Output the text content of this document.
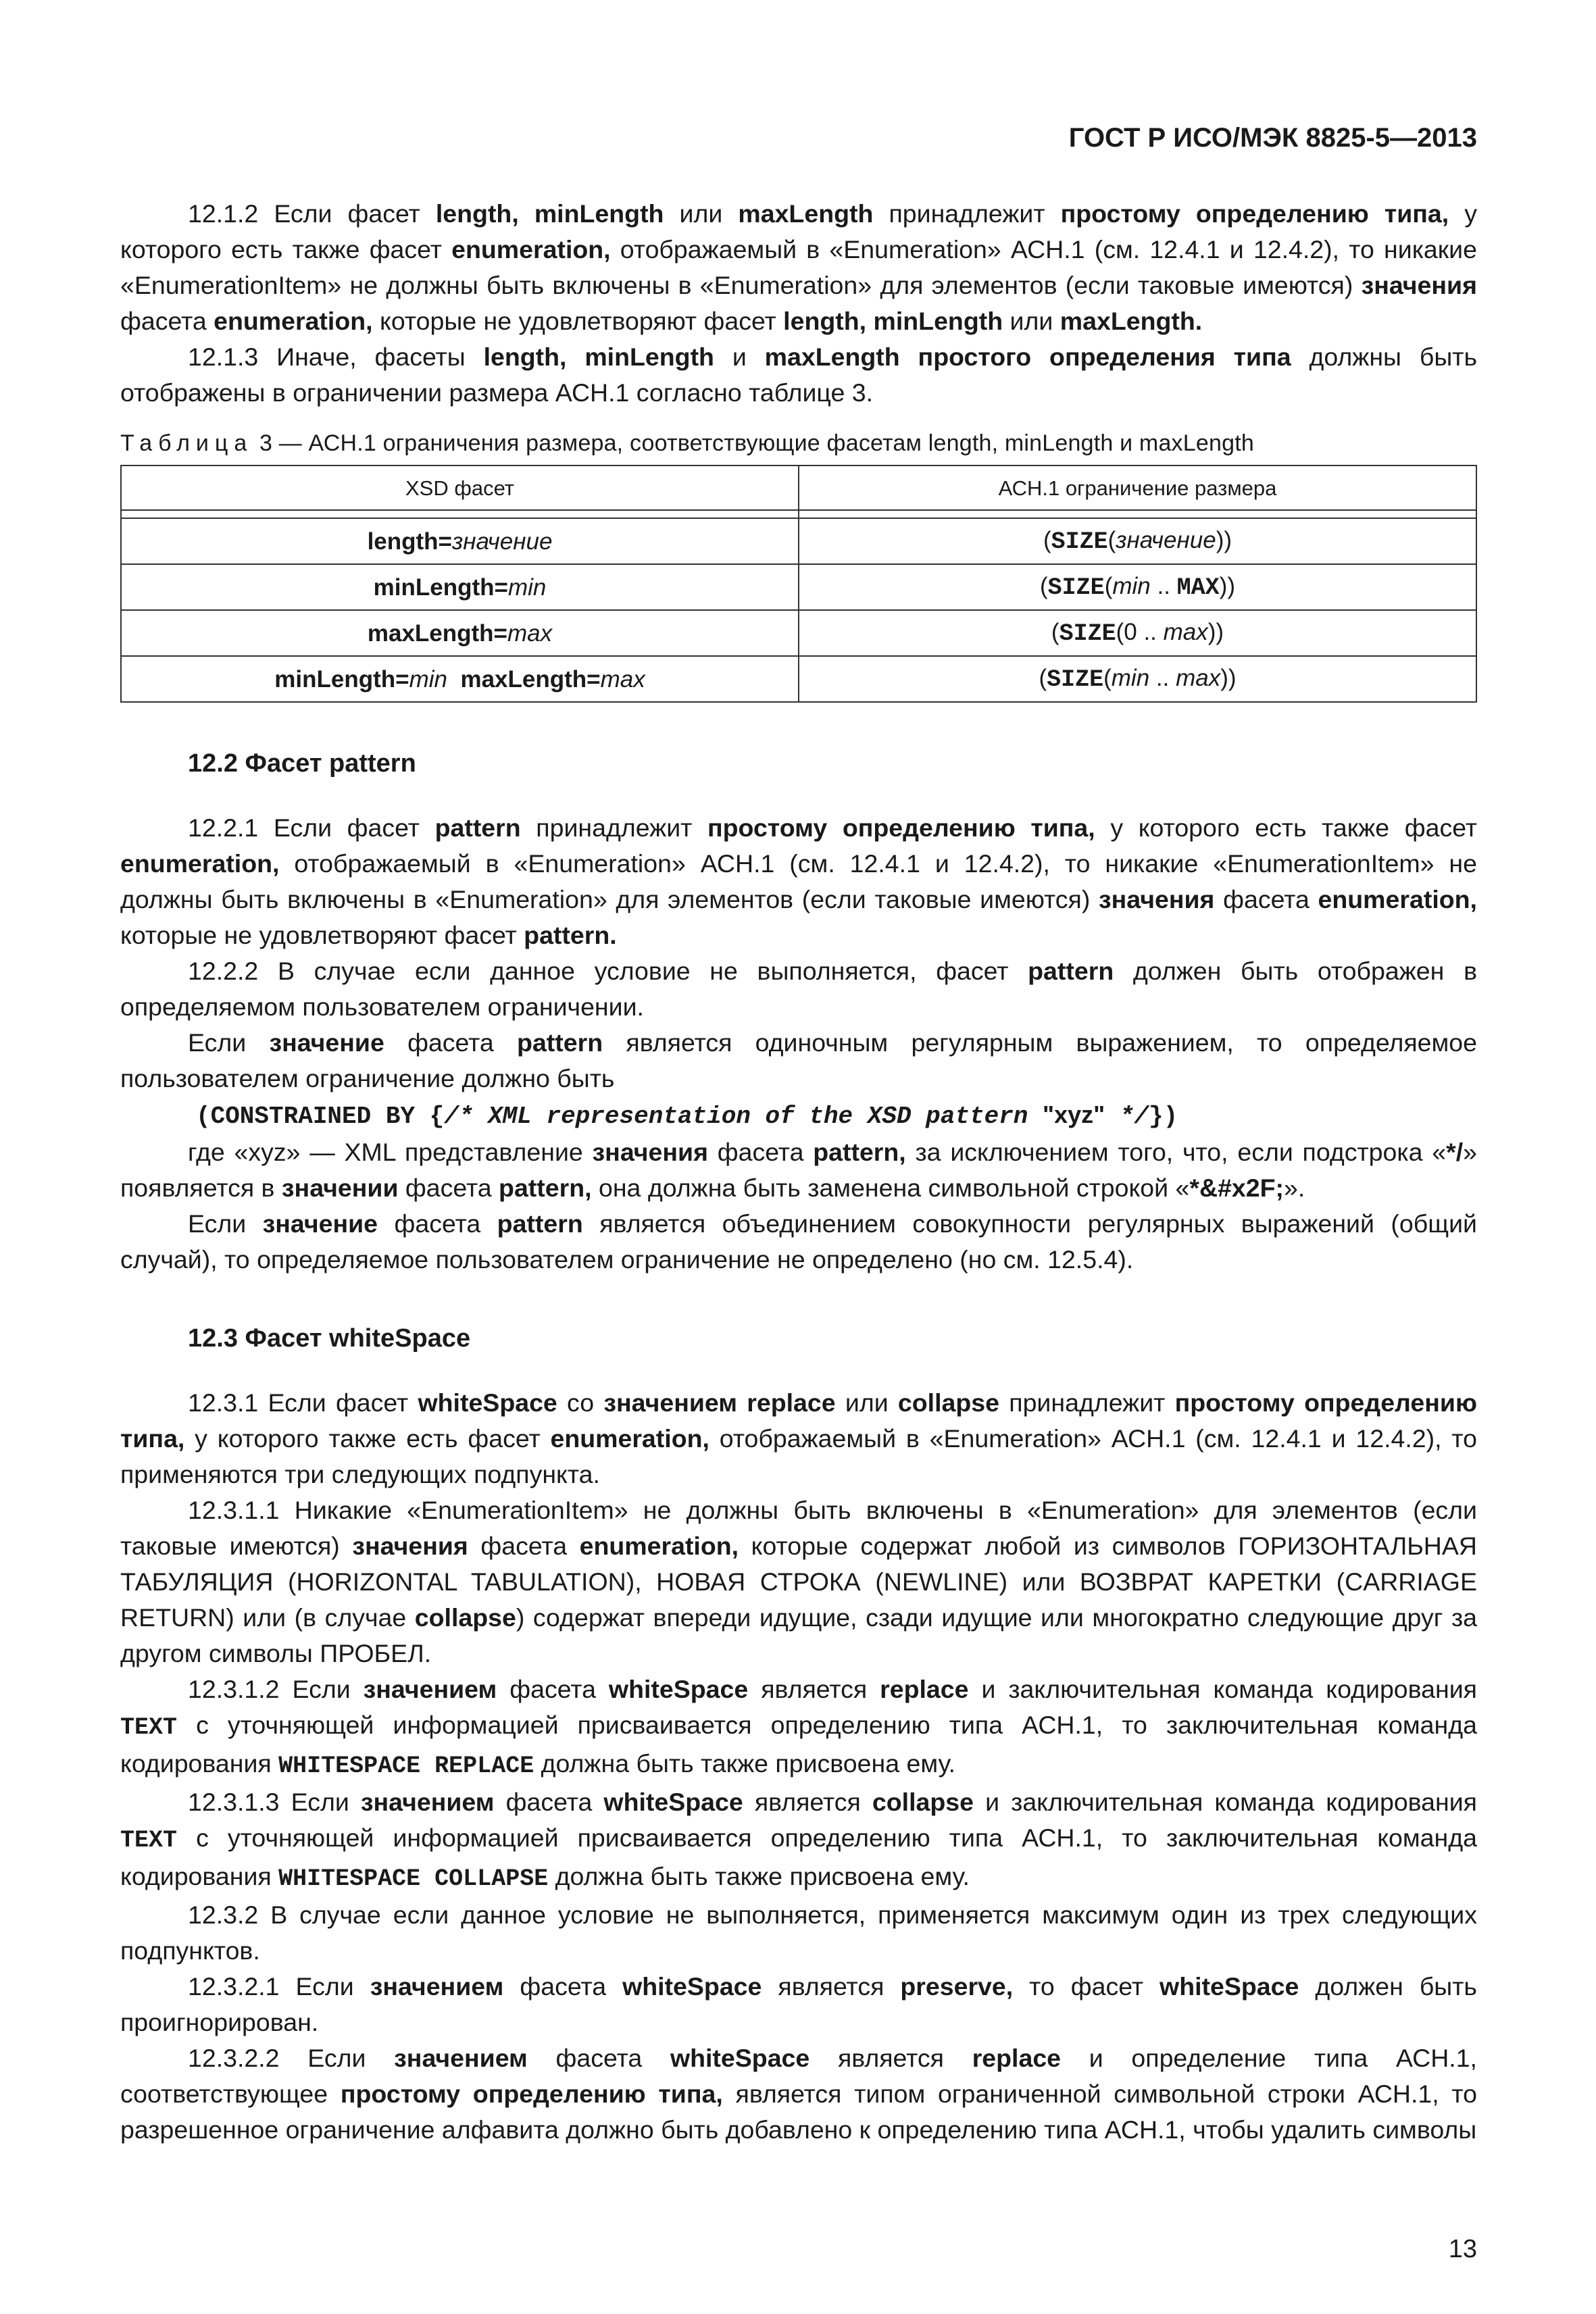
ГОСТ Р ИСО/МЭК 8825-5—2013

12.1.2 Если фасет length, minLength или maxLength принадлежит простому определению типа, у которого есть также фасет enumeration, отображаемый в «Enumeration» АСН.1 (см. 12.4.1 и 12.4.2), то никакие «EnumerationItem» не должны быть включены в «Enumeration» для элементов (если таковые имеются) значения фасета enumeration, которые не удовлетворяют фасет length, minLength или maxLength.

12.1.3 Иначе, фасеты length, minLength и maxLength простого определения типа должны быть отображены в ограничении размера АСН.1 согласно таблице 3.

Таблица 3 — АСН.1 ограничения размера, соответствующие фасетам length, minLength и maxLength
XSD фасет	АСН.1 ограничение размера

length=значение	(SIZE(значение))
minLength=min	(SIZE(min .. MAX))
maxLength=max	(SIZE(0 .. max))
minLength=min  maxLength=max	(SIZE(min .. max))
12.2 Фасет pattern

12.2.1 Если фасет pattern принадлежит простому определению типа, у которого есть также фасет enumeration, отображаемый в «Enumeration» АСН.1 (см. 12.4.1 и 12.4.2), то никакие «EnumerationItem» не должны быть включены в «Enumeration» для элементов (если таковые имеются) значения фасета enumeration, которые не удовлетворяют фасет pattern.

12.2.2 В случае если данное условие не выполняется, фасет pattern должен быть отображен в определяемом пользователем ограничении.

Если значение фасета pattern является одиночным регулярным выражением, то определяемое пользователем ограничение должно быть

(CONSTRAINED BY {/* XML representation of the XSD pattern "xyz" */})

где «xyz» — XML представление значения фасета pattern, за исключением того, что, если подстрока «*/» появляется в значении фасета pattern, она должна быть заменена символьной строкой «*&#x2F;».

Если значение фасета pattern является объединением совокупности регулярных выражений (общий случай), то определяемое пользователем ограничение не определено (но см. 12.5.4).

12.3 Фасет whiteSpace

12.3.1 Если фасет whiteSpace со значением replace или collapse принадлежит простому определению типа, у которого также есть фасет enumeration, отображаемый в «Enumeration» АСН.1 (см. 12.4.1 и 12.4.2), то применяются три следующих подпункта.

12.3.1.1 Никакие «EnumerationItem» не должны быть включены в «Enumeration» для элементов (если таковые имеются) значения фасета enumeration, которые содержат любой из символов ГОРИЗОНТАЛЬНАЯ ТАБУЛЯЦИЯ (HORIZONTAL TABULATION), НОВАЯ СТРОКА (NEWLINE) или ВОЗВРАТ КАРЕТКИ (CARRIAGE RETURN) или (в случае collapse) содержат впереди идущие, сзади идущие или многократно следующие друг за другом символы ПРОБЕЛ.

12.3.1.2 Если значением фасета whiteSpace является replace и заключительная команда кодирования TEXT с уточняющей информацией присваивается определению типа АСН.1, то заключительная команда кодирования WHITESPACE REPLACE должна быть также присвоена ему.

12.3.1.3 Если значением фасета whiteSpace является collapse и заключительная команда кодирования TEXT с уточняющей информацией присваивается определению типа АСН.1, то заключительная команда кодирования WHITESPACE COLLAPSE должна быть также присвоена ему.

12.3.2 В случае если данное условие не выполняется, применяется максимум один из трех следующих подпунктов.

12.3.2.1 Если значением фасета whiteSpace является preserve, то фасет whiteSpace должен быть проигнорирован.

12.3.2.2 Если значением фасета whiteSpace является replace и определение типа АСН.1, соответствующее простому определению типа, является типом ограниченной символьной строки АСН.1, то разрешенное ограничение алфавита должно быть добавлено к определению типа АСН.1, чтобы удалить символы

13
